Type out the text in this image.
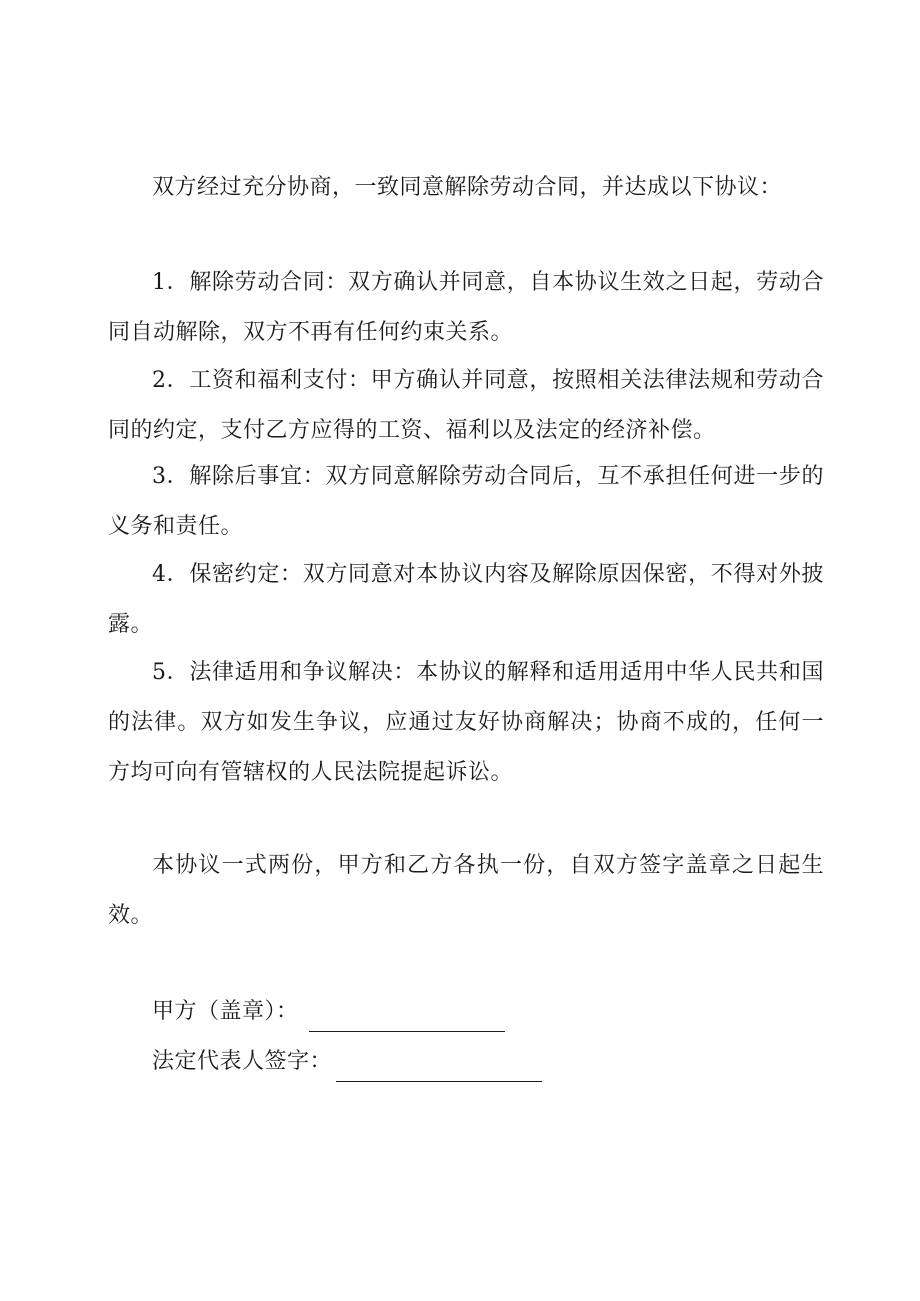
双方经过充分协商，一致同意解除劳动合同，并达成以下协议：

1．解除劳动合同：双方确认并同意，自本协议生效之日起，劳动合同自动解除，双方不再有任何约束关系。

2．工资和福利支付：甲方确认并同意，按照相关法律法规和劳动合同的约定，支付乙方应得的工资、福利以及法定的经济补偿。

3．解除后事宜：双方同意解除劳动合同后，互不承担任何进一步的义务和责任。

4．保密约定：双方同意对本协议内容及解除原因保密，不得对外披露。

5．法律适用和争议解决：本协议的解释和适用适用中华人民共和国的法律。双方如发生争议，应通过友好协商解决；协商不成的，任何一方均可向有管辖权的人民法院提起诉讼。

本协议一式两份，甲方和乙方各执一份，自双方签字盖章之日起生效。

甲方（盖章）：
法定代表人签字：
